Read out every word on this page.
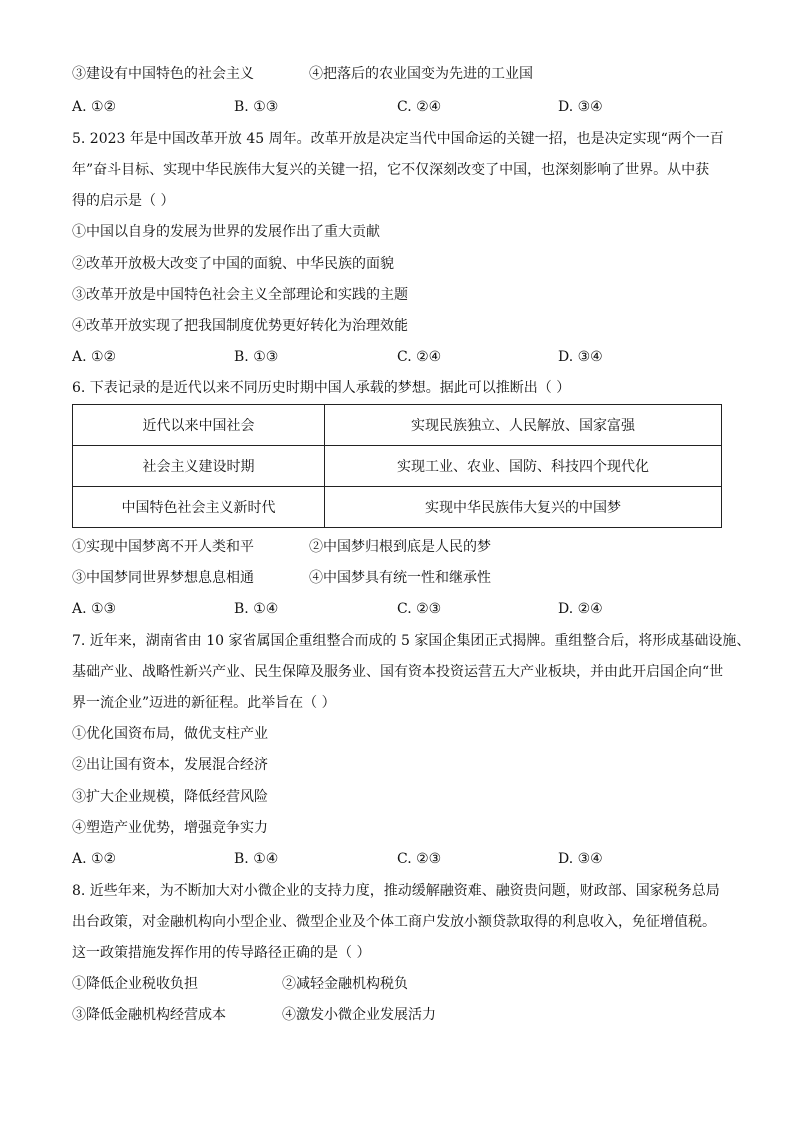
③建设有中国特色的社会主义	④把落后的农业国变为先进的工业国
A. ①②	B. ①③	C. ②④	D. ③④
5. 2023 年是中国改革开放 45 周年。改革开放是决定当代中国命运的关键一招，也是决定实现“两个一百
年”奋斗目标、实现中华民族伟大复兴的关键一招，它不仅深刻改变了中国，也深刻影响了世界。从中获
得的启示是（ ）
①中国以自身的发展为世界的发展作出了重大贡献
②改革开放极大改变了中国的面貌、中华民族的面貌
③改革开放是中国特色社会主义全部理论和实践的主题
④改革开放实现了把我国制度优势更好转化为治理效能
A. ①②	B. ①③	C. ②④	D. ③④
6. 下表记录的是近代以来不同历史时期中国人承载的梦想。据此可以推断出（ ）
近代以来中国社会	实现民族独立、人民解放、国家富强
社会主义建设时期	实现工业、农业、国防、科技四个现代化
中国特色社会主义新时代	实现中华民族伟大复兴的中国梦
①实现中国梦离不开人类和平	②中国梦归根到底是人民的梦
③中国梦同世界梦想息息相通	④中国梦具有统一性和继承性
A. ①③	B. ①④	C. ②③	D. ②④
7. 近年来，湖南省由 10 家省属国企重组整合而成的 5 家国企集团正式揭牌。重组整合后，将形成基础设施、
基础产业、战略性新兴产业、民生保障及服务业、国有资本投资运营五大产业板块，并由此开启国企向“世
界一流企业”迈进的新征程。此举旨在（ ）
①优化国资布局，做优支柱产业
②出让国有资本，发展混合经济
③扩大企业规模，降低经营风险
④塑造产业优势，增强竞争实力
A. ①②	B. ①④	C. ②③	D. ③④
8. 近些年来，为不断加大对小微企业的支持力度，推动缓解融资难、融资贵问题，财政部、国家税务总局
出台政策，对金融机构向小型企业、微型企业及个体工商户发放小额贷款取得的利息收入，免征增值税。
这一政策措施发挥作用的传导路径正确的是（ ）
①降低企业税收负担	②减轻金融机构税负
③降低金融机构经营成本	④激发小微企业发展活力
